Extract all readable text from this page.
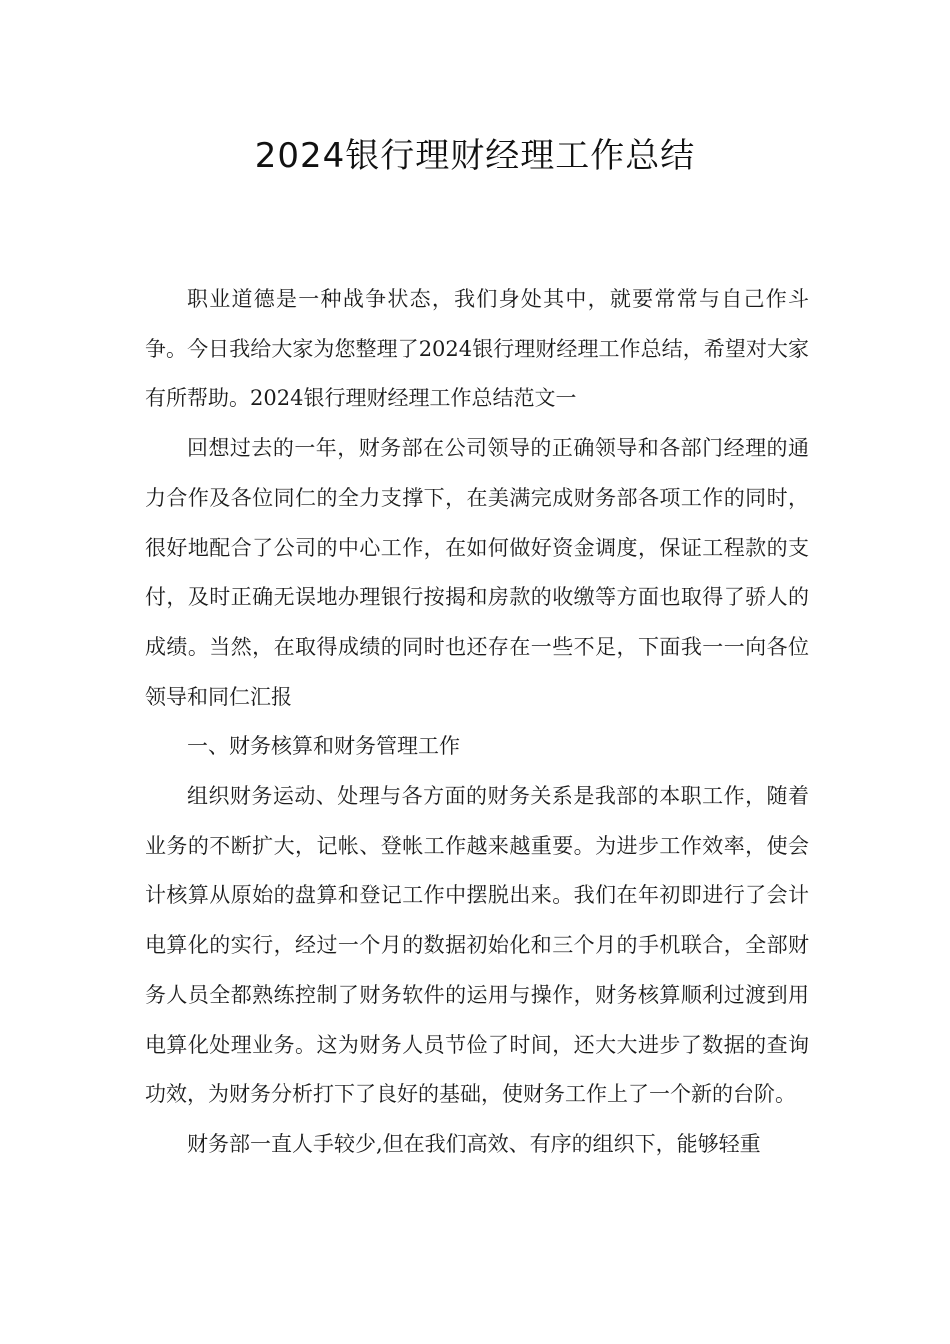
2024银行理财经理工作总结

职业道德是一种战争状态，我们身处其中，就要常常与自己作斗争。今日我给大家为您整理了2024银行理财经理工作总结，希望对大家有所帮助。2024银行理财经理工作总结范文一

回想过去的一年，财务部在公司领导的正确领导和各部门经理的通力合作及各位同仁的全力支撑下，在美满完成财务部各项工作的同时，很好地配合了公司的中心工作，在如何做好资金调度，保证工程款的支付，及时正确无误地办理银行按揭和房款的收缴等方面也取得了骄人的成绩。当然，在取得成绩的同时也还存在一些不足，下面我一一向各位领导和同仁汇报

一、财务核算和财务管理工作

组织财务运动、处理与各方面的财务关系是我部的本职工作，随着业务的不断扩大，记帐、登帐工作越来越重要。为进步工作效率，使会计核算从原始的盘算和登记工作中摆脱出来。我们在年初即进行了会计电算化的实行，经过一个月的数据初始化和三个月的手机联合，全部财务人员全都熟练控制了财务软件的运用与操作，财务核算顺利过渡到用电算化处理业务。这为财务人员节俭了时间，还大大进步了数据的查询功效，为财务分析打下了良好的基础，使财务工作上了一个新的台阶。

财务部一直人手较少,但在我们高效、有序的组织下，能够轻重
